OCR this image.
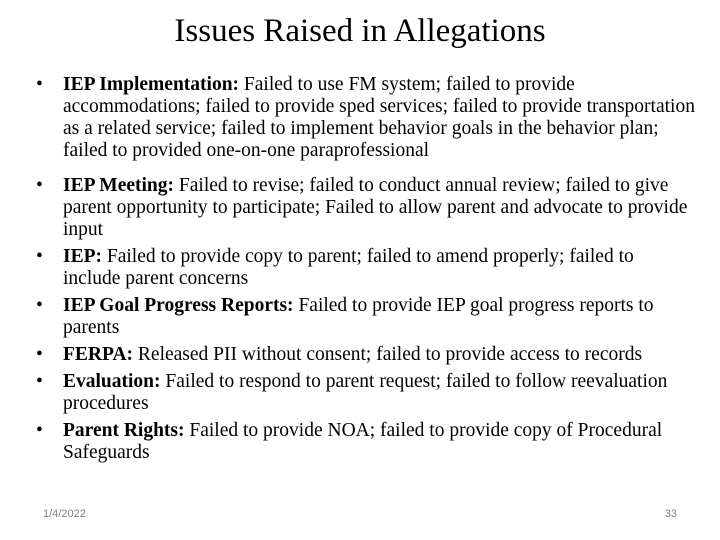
Issues Raised in Allegations
•	IEP Implementation: Failed to use FM system; failed to provide accommodations; failed to provide sped services; failed to provide transportation as a related service; failed to implement behavior goals in the behavior plan; failed to provided one-on-one paraprofessional
•	IEP Meeting: Failed to revise; failed to conduct annual review; failed to give parent opportunity to participate; Failed to allow parent and advocate to provide input
•	IEP: Failed to provide copy to parent; failed to amend properly; failed to include parent concerns
•	IEP Goal Progress Reports: Failed to provide IEP goal progress reports to parents
•	FERPA: Released PII without consent; failed to provide access to records
•	Evaluation: Failed to respond to parent request; failed to follow reevaluation procedures
•	Parent Rights: Failed to provide NOA; failed to provide copy of Procedural Safeguards
1/4/2022	33
